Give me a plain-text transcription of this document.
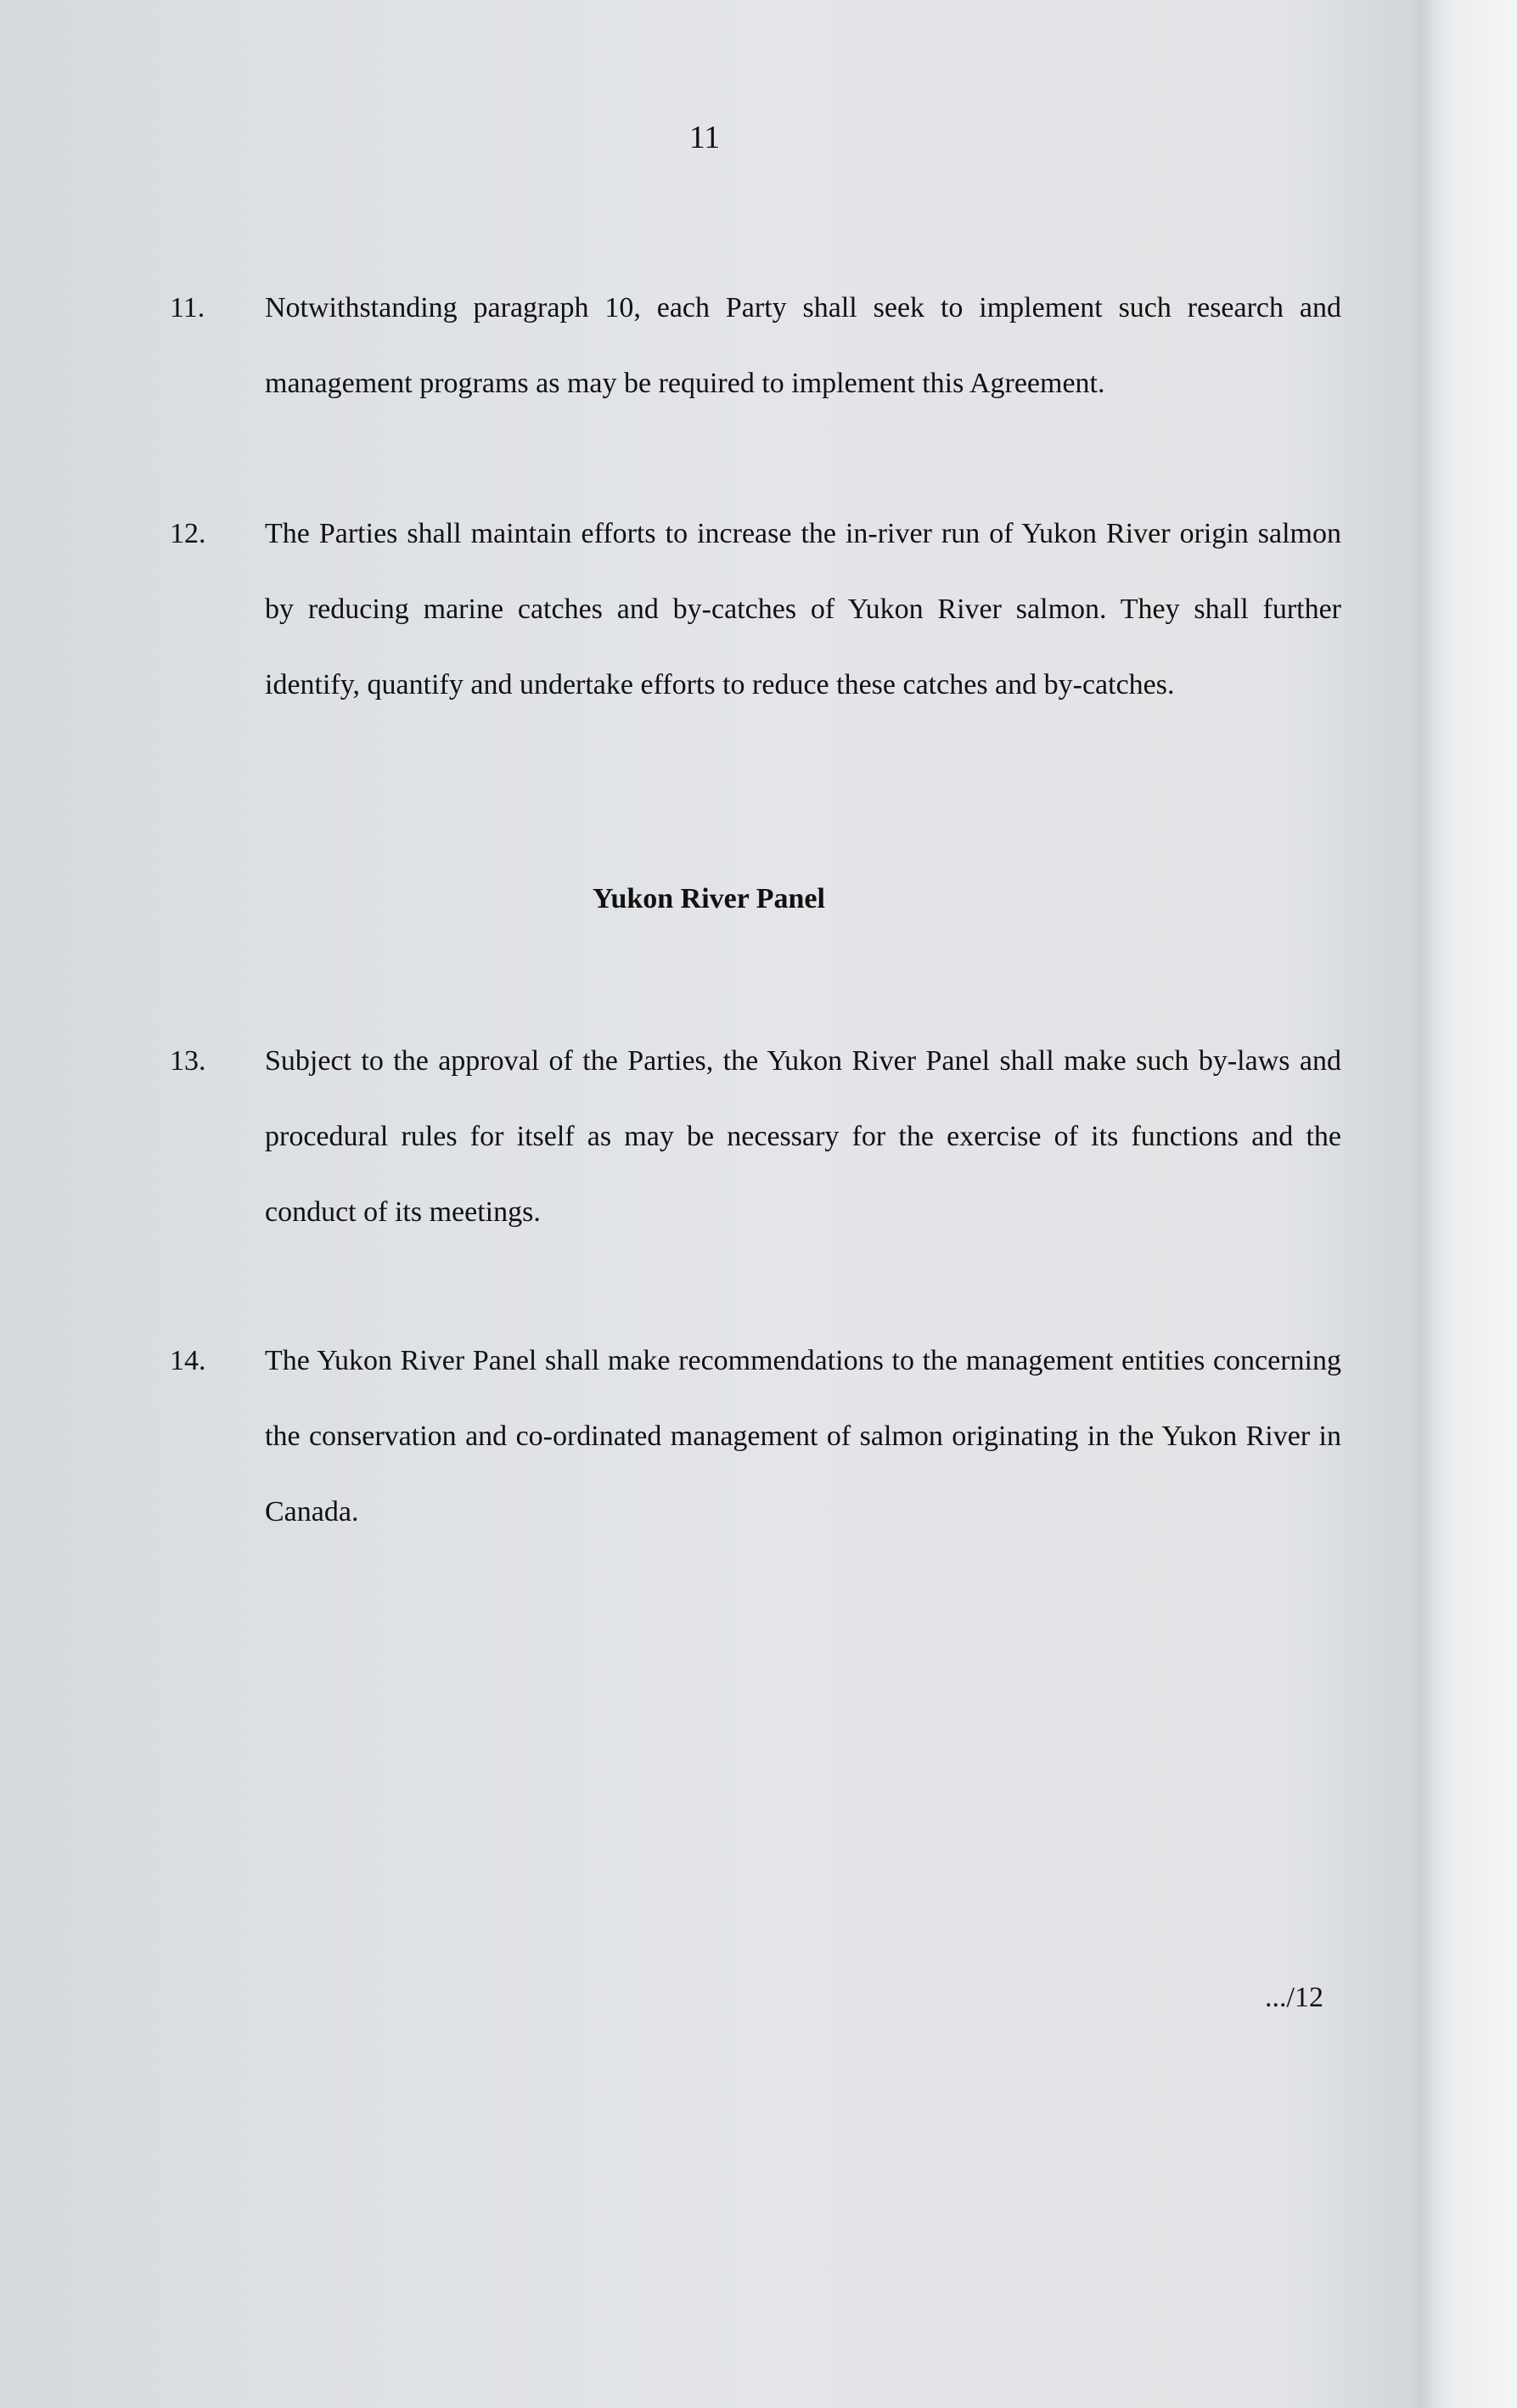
11
11. Notwithstanding paragraph 10, each Party shall seek to implement such research and management programs as may be required to implement this Agreement.

12. The Parties shall maintain efforts to increase the in-river run of Yukon River origin salmon by reducing marine catches and by-catches of Yukon River salmon. They shall further identify, quantify and undertake efforts to reduce these catches and by-catches.

Yukon River Panel
13. Subject to the approval of the Parties, the Yukon River Panel shall make such by-laws and procedural rules for itself as may be necessary for the exercise of its functions and the conduct of its meetings.

14. The Yukon River Panel shall make recommendations to the management entities concerning the conservation and co-ordinated management of salmon originating in the Yukon River in Canada.

.../12
